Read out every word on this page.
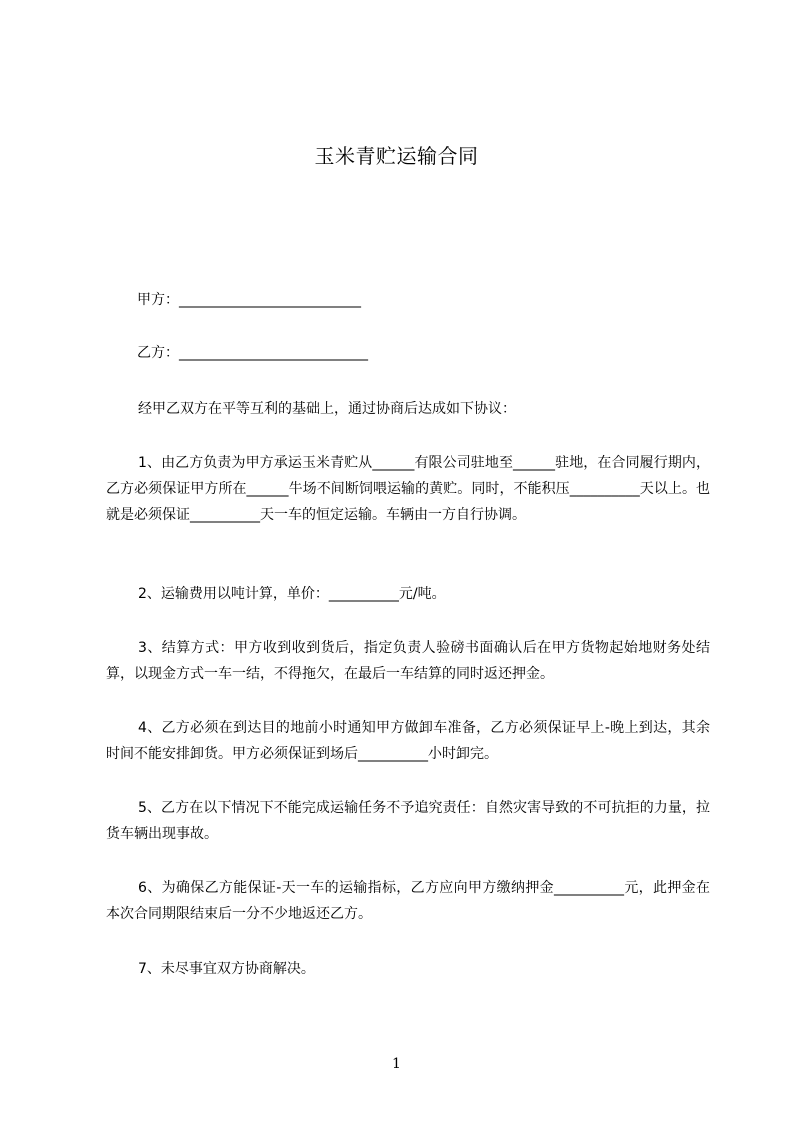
玉米青贮运输合同
甲方：__________________________
乙方：___________________________
经甲乙双方在平等互利的基础上，通过协商后达成如下协议：
1、由乙方负责为甲方承运玉米青贮从______有限公司驻地至______驻地，在合同履行期内，乙方必须保证甲方所在______牛场不间断饲喂运输的黄贮。同时，不能积压__________天以上。也就是必须保证__________天一车的恒定运输。车辆由一方自行协调。
2、运输费用以吨计算，单价：__________元/吨。
3、结算方式：甲方收到收到货后，指定负责人验磅书面确认后在甲方货物起始地财务处结算，以现金方式一车一结，不得拖欠，在最后一车结算的同时返还押金。
4、乙方必须在到达目的地前小时通知甲方做卸车准备，乙方必须保证早上-晚上到达，其余时间不能安排卸货。甲方必须保证到场后__________小时卸完。
5、乙方在以下情况下不能完成运输任务不予追究责任：自然灾害导致的不可抗拒的力量，拉货车辆出现事故。
6、为确保乙方能保证-天一车的运输指标，乙方应向甲方缴纳押金__________元，此押金在本次合同期限结束后一分不少地返还乙方。
7、未尽事宜双方协商解决。
1
